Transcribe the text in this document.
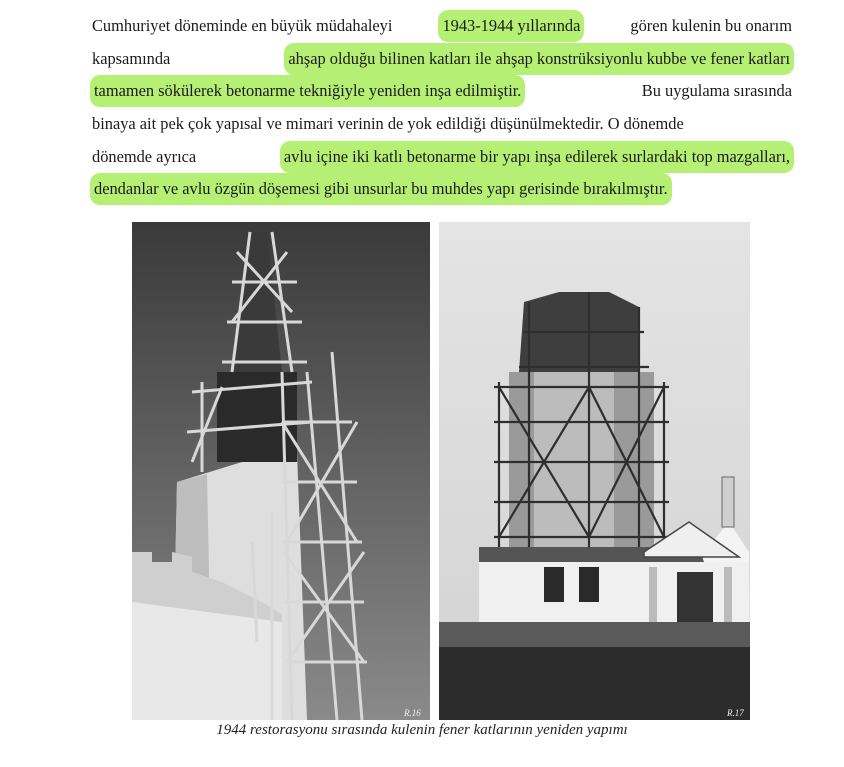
Cumhuriyet döneminde en büyük müdahaleyi	1943-1944 yıllarında	gören kulenin bu onarım
kapsamında	ahşap olduğu bilinen katları ile ahşap konstrüksiyonlu kubbe ve fener katları
tamamen sökülerek betonarme tekniğiyle yeniden inşa edilmiştir.	Bu uygulama sırasında
binaya ait pek çok yapısal ve mimari verinin de yok edildiği düşünülmektedir. O dönemde
dönemde ayrıca	avlu içine iki katlı betonarme bir yapı inşa edilerek surlardaki top mazgalları,
dendanlar ve avlu özgün döşemesi gibi unsurlar bu muhdes yapı gerisinde bırakılmıştır.
R.16	R.17
1944 restorasyonu sırasında kulenin fener katlarının yeniden yapımı
